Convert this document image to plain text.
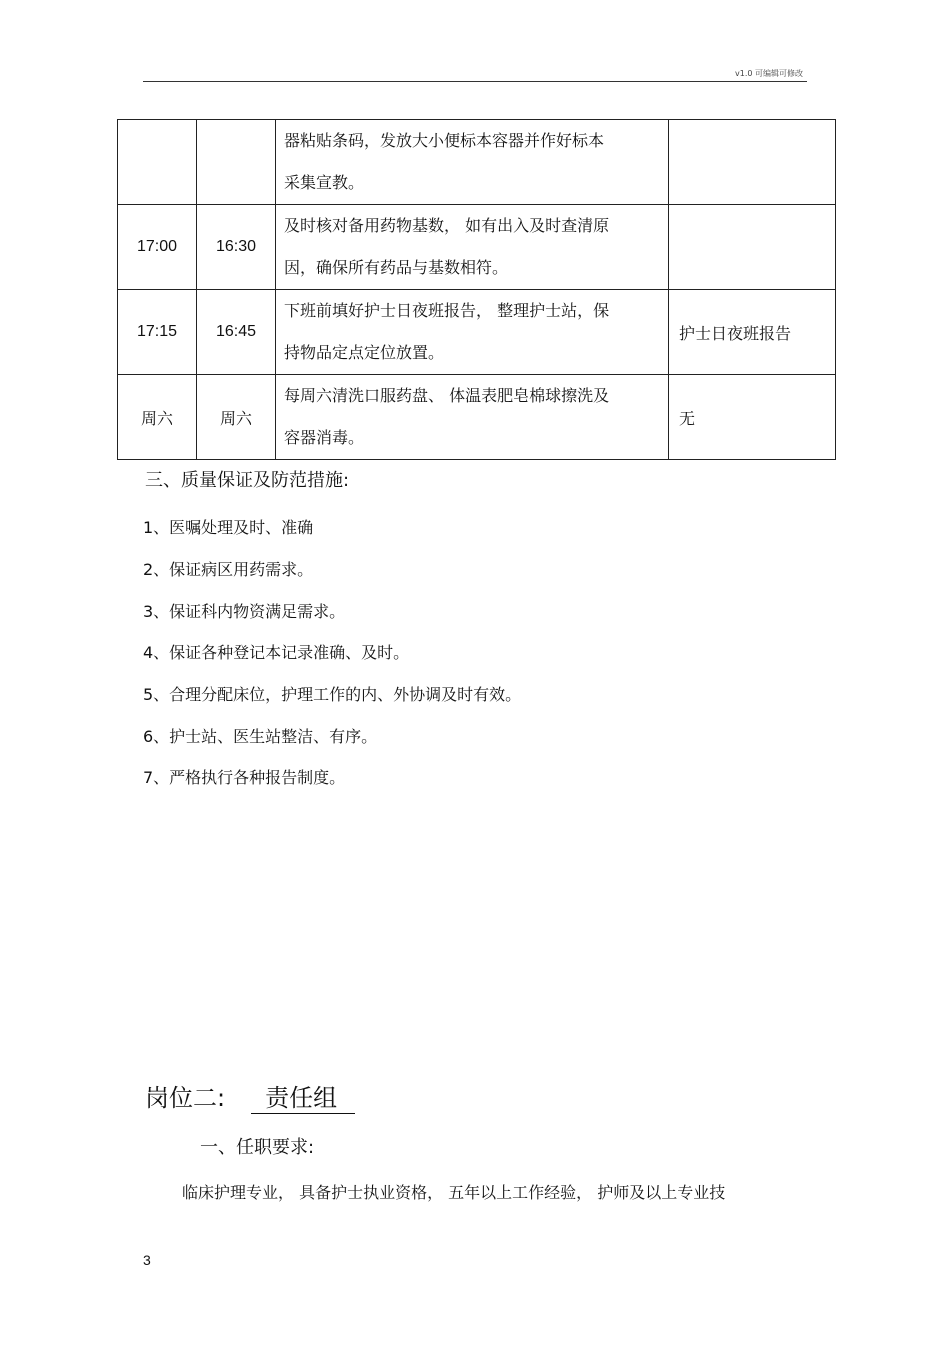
v1.0 可编辑可修改
		器粘贴条码，发放大小便标本容器并作好标本
采集宣教。	
17:00	16:30	及时核对备用药物基数， 如有出入及时查清原
因，确保所有药品与基数相符。	
17:15	16:45	下班前填好护士日夜班报告， 整理护士站，保
持物品定点定位放置。	护士日夜班报告
周六	周六	每周六清洗口服药盘、 体温表肥皂棉球擦洗及
容器消毒。	无
三、质量保证及防范措施:
1、医嘱处理及时、准确
2、保证病区用药需求。
3、保证科内物资满足需求。
4、保证各种登记本记录准确、及时。
5、合理分配床位，护理工作的内、外协调及时有效。
6、护士站、医生站整洁、有序。
7、严格执行各种报告制度。
岗位二: 责任组
一、任职要求:
临床护理专业， 具备护士执业资格， 五年以上工作经验， 护师及以上专业技
3
